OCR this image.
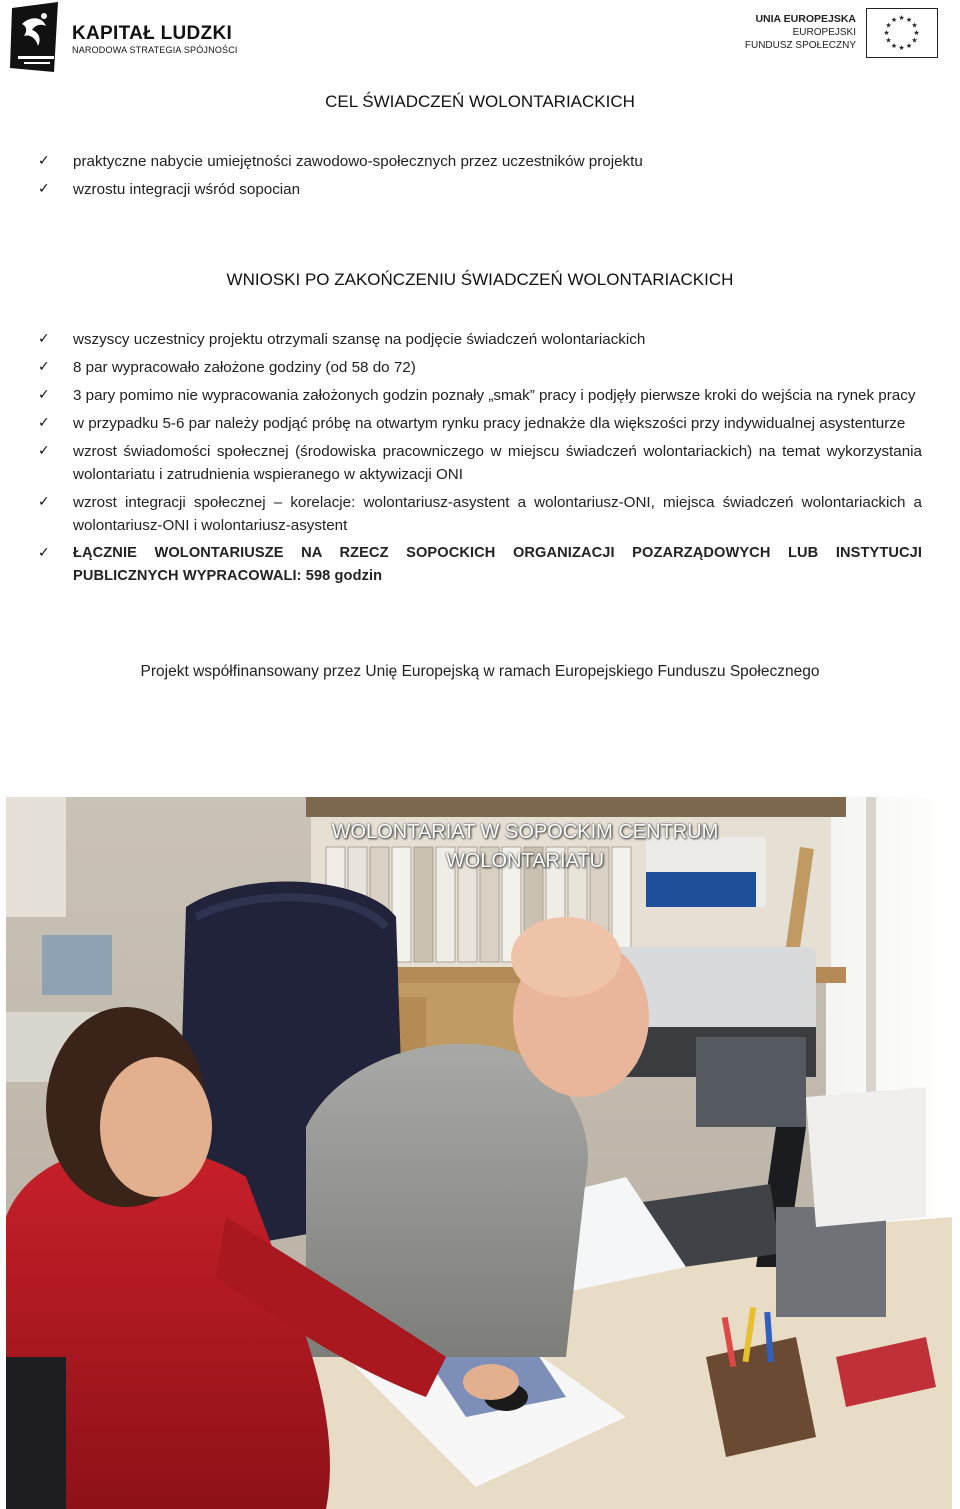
KAPITAŁ LUDZKI
NARODOWA STRATEGIA SPÓJNOŚCI
UNIA EUROPEJSKA
EUROPEJSKI
FUNDUSZ SPOŁECZNY
★
★
★
★
★
★
★
★
★ ★ ★
★
CEL ŚWIADCZEŃ WOLONTARIACKICH
✓ praktyczne nabycie umiejętności zawodowo-społecznych przez uczestników projektu
✓ wzrostu integracji wśród sopocian
WNIOSKI PO ZAKOŃCZENIU ŚWIADCZEŃ WOLONTARIACKICH
✓ wszyscy uczestnicy projektu otrzymali szansę na podjęcie świadczeń wolontariackich
✓ 8 par wypracowało założone godziny (od 58 do 72)
✓ 3 pary pomimo nie wypracowania założonych godzin poznały „smak” pracy i podjęły pierwsze kroki do wejścia na rynek pracy
✓ w przypadku 5-6 par należy podjąć próbę na otwartym rynku pracy jednakże dla większości przy indywidualnej asystenturze
✓ wzrost świadomości społecznej (środowiska pracowniczego w miejscu świadczeń wolontariackich) na temat wykorzystania wolontariatu i zatrudnienia wspieranego w aktywizacji ONI
✓ wzrost integracji społecznej – korelacje: wolontariusz-asystent a wolontariusz-ONI, miejsca świadczeń wolontariackich a wolontariusz-ONI i wolontariusz-asystent
✓ ŁĄCZNIE WOLONTARIUSZE NA RZECZ SOPOCKICH ORGANIZACJI POZARZĄDOWYCH LUB INSTYTUCJI PUBLICZNYCH WYPRACOWALI: 598 godzin
Projekt współfinansowany przez Unię Europejską w ramach Europejskiego Funduszu Społecznego
WOLONTARIAT W SOPOCKIM CENTRUM WOLONTARIATU
